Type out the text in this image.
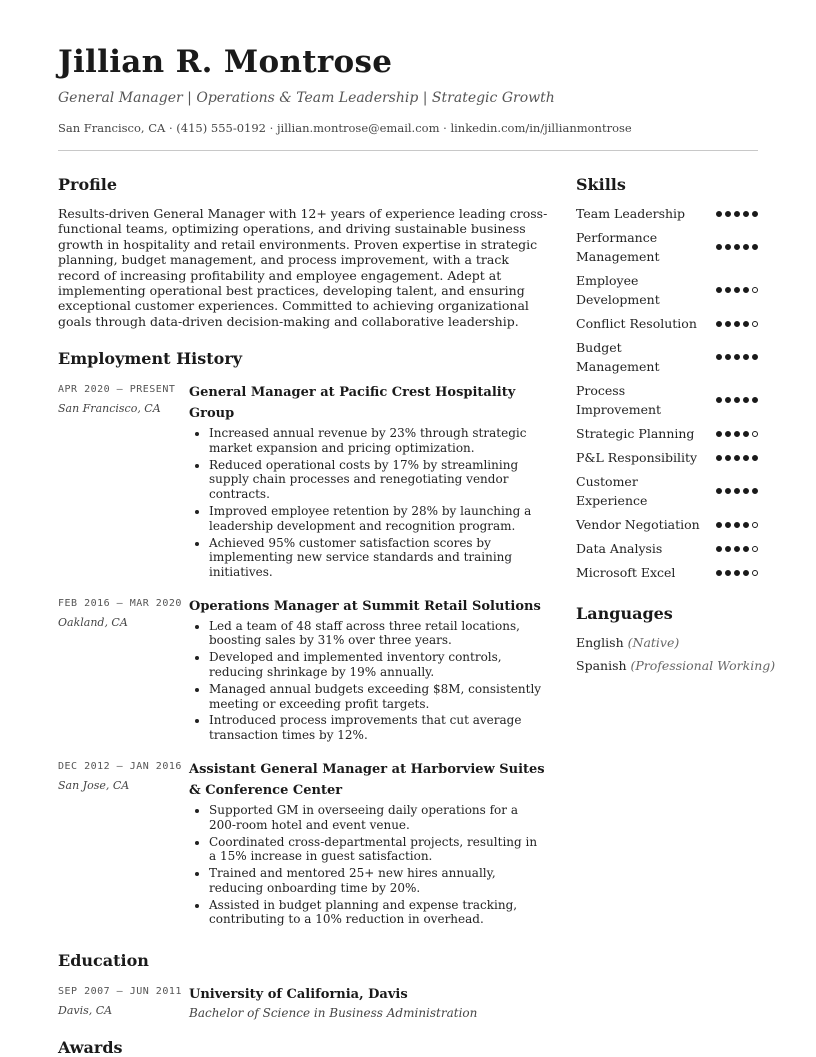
Jillian R. Montrose
General Manager | Operations & Team Leadership | Strategic Growth
San Francisco, CA · (415) 555-0192 · jillian.montrose@email.com · linkedin.com/in/jillianmontrose
Profile

Results-driven General Manager with 12+ years of experience leading cross-functional teams, optimizing operations, and driving sustainable business growth in hospitality and retail environments. Proven expertise in strategic planning, budget management, and process improvement, with a track record of increasing profitability and employee engagement. Adept at implementing operational best practices, developing talent, and ensuring exceptional customer experiences. Committed to achieving organizational goals through data-driven decision-making and collaborative leadership.

Employment History
APR 2020 — PRESENT
San Francisco, CA
General Manager at Pacific Crest Hospitality Group
• Increased annual revenue by 23% through strategic market expansion and pricing optimization.
• Reduced operational costs by 17% by streamlining supply chain processes and renegotiating vendor contracts.
• Improved employee retention by 28% by launching a leadership development and recognition program.
• Achieved 95% customer satisfaction scores by implementing new service standards and training initiatives.
FEB 2016 — MAR 2020
Oakland, CA
Operations Manager at Summit Retail Solutions
• Led a team of 48 staff across three retail locations, boosting sales by 31% over three years.
• Developed and implemented inventory controls, reducing shrinkage by 19% annually.
• Managed annual budgets exceeding $8M, consistently meeting or exceeding profit targets.
• Introduced process improvements that cut average transaction times by 12%.
DEC 2012 — JAN 2016
San Jose, CA
Assistant General Manager at Harborview Suites & Conference Center
• Supported GM in overseeing daily operations for a 200-room hotel and event venue.
• Coordinated cross-departmental projects, resulting in a 15% increase in guest satisfaction.
• Trained and mentored 25+ new hires annually, reducing onboarding time by 20%.
• Assisted in budget planning and expense tracking, contributing to a 10% reduction in overhead.
Education
SEP 2007 — JUN 2011
Davis, CA
University of California, Davis
Bachelor of Science in Business Administration
Awards
Skills
Team Leadership
Performance Management
Employee Development
Conflict Resolution
Budget Management
Process Improvement
Strategic Planning
P&L Responsibility
Customer Experience
Vendor Negotiation
Data Analysis
Microsoft Excel
Languages
English (Native)
Spanish (Professional Working)
